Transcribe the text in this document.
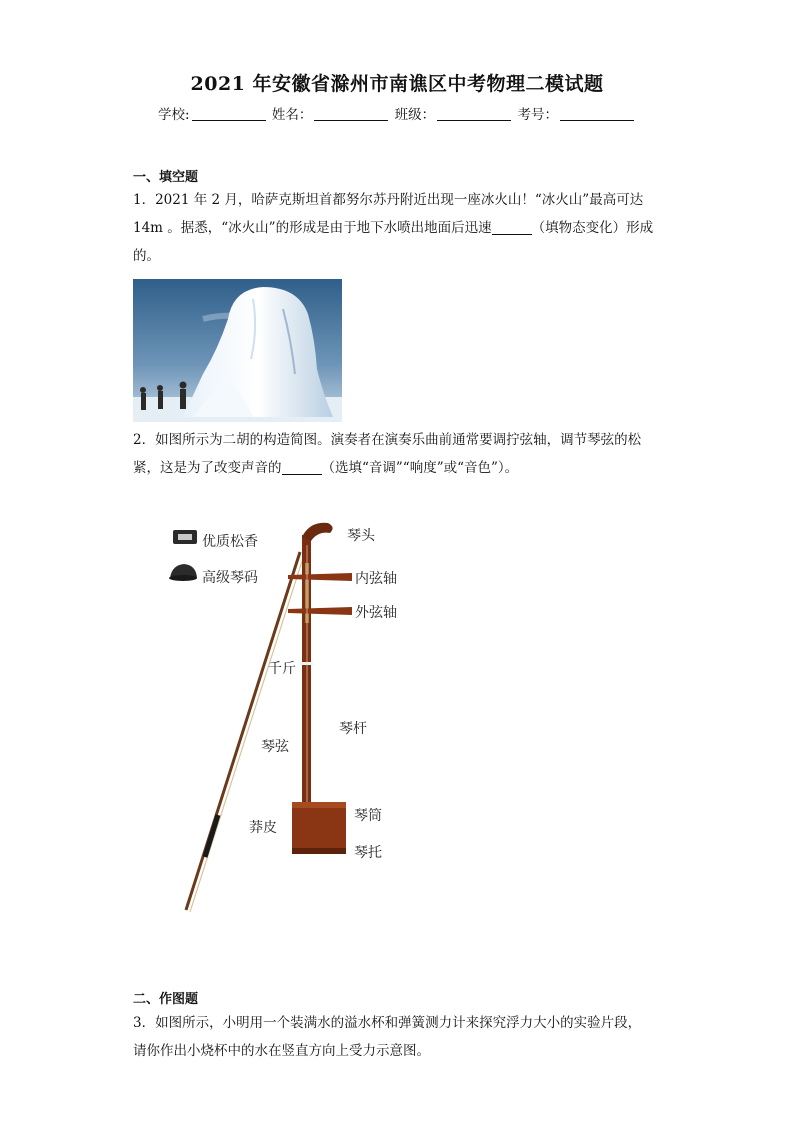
2021 年安徽省滁州市南谯区中考物理二模试题
学校:	姓名：	班级：	考号：
一、填空题
1．2021 年 2 月，哈萨克斯坦首都努尔苏丹附近出现一座冰火山！“冰火山”最高可达
14m 。据悉，“冰火山”的形成是由于地下水喷出地面后迅速	（填物态变化）形成
的。
2．如图所示为二胡的构造简图。演奏者在演奏乐曲前通常要调拧弦轴，调节琴弦的松
紧，这是为了改变声音的	（选填“音调”“响度”或“音色”）。
优质松香
高级琴码
琴头
内弦轴
外弦轴
千斤
琴杆
琴弦
琴筒
莽皮
琴托
二、作图题
3．如图所示，小明用一个装满水的溢水杯和弹簧测力计来探究浮力大小的实验片段，
请你作出小烧杯中的水在竖直方向上受力示意图。
